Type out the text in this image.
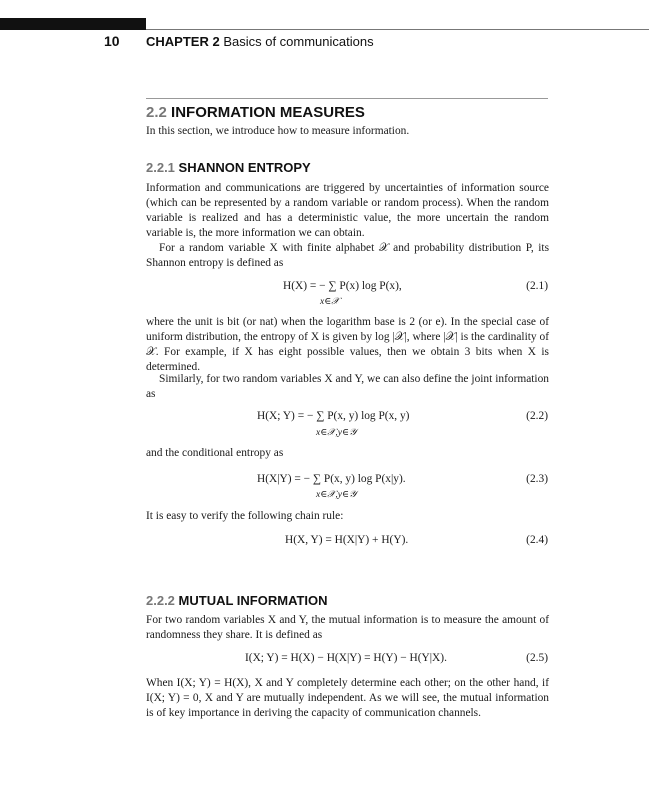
10 CHAPTER 2 Basics of communications
2.2 INFORMATION MEASURES
In this section, we introduce how to measure information.
2.2.1 SHANNON ENTROPY
Information and communications are triggered by uncertainties of information source (which can be represented by a random variable or random process). When the random variable is realized and has a deterministic value, the more uncertain the random variable is, the more information we can obtain.
For a random variable X with finite alphabet 𝒳 and probability distribution P, its Shannon entropy is defined as
H(X) = − ∑ P(x) log P(x),
x∈𝒳
(2.1)
where the unit is bit (or nat) when the logarithm base is 2 (or e). In the special case of uniform distribution, the entropy of X is given by log |𝒳|, where |𝒳| is the cardinality of 𝒳. For example, if X has eight possible values, then we obtain 3 bits when X is determined.
Similarly, for two random variables X and Y, we can also define the joint information as
H(X; Y) = − ∑ P(x, y) log P(x, y)
x∈𝒳,y∈𝒴
(2.2)
and the conditional entropy as
H(X|Y) = − ∑ P(x, y) log P(x|y).
x∈𝒳,y∈𝒴
(2.3)
It is easy to verify the following chain rule:
H(X, Y) = H(X|Y) + H(Y).	(2.4)
2.2.2 MUTUAL INFORMATION
For two random variables X and Y, the mutual information is to measure the amount of randomness they share. It is defined as
I(X; Y) = H(X) − H(X|Y) = H(Y) − H(Y|X).	(2.5)
When I(X; Y) = H(X), X and Y completely determine each other; on the other hand, if I(X; Y) = 0, X and Y are mutually independent. As we will see, the mutual information is of key importance in deriving the capacity of communication channels.
